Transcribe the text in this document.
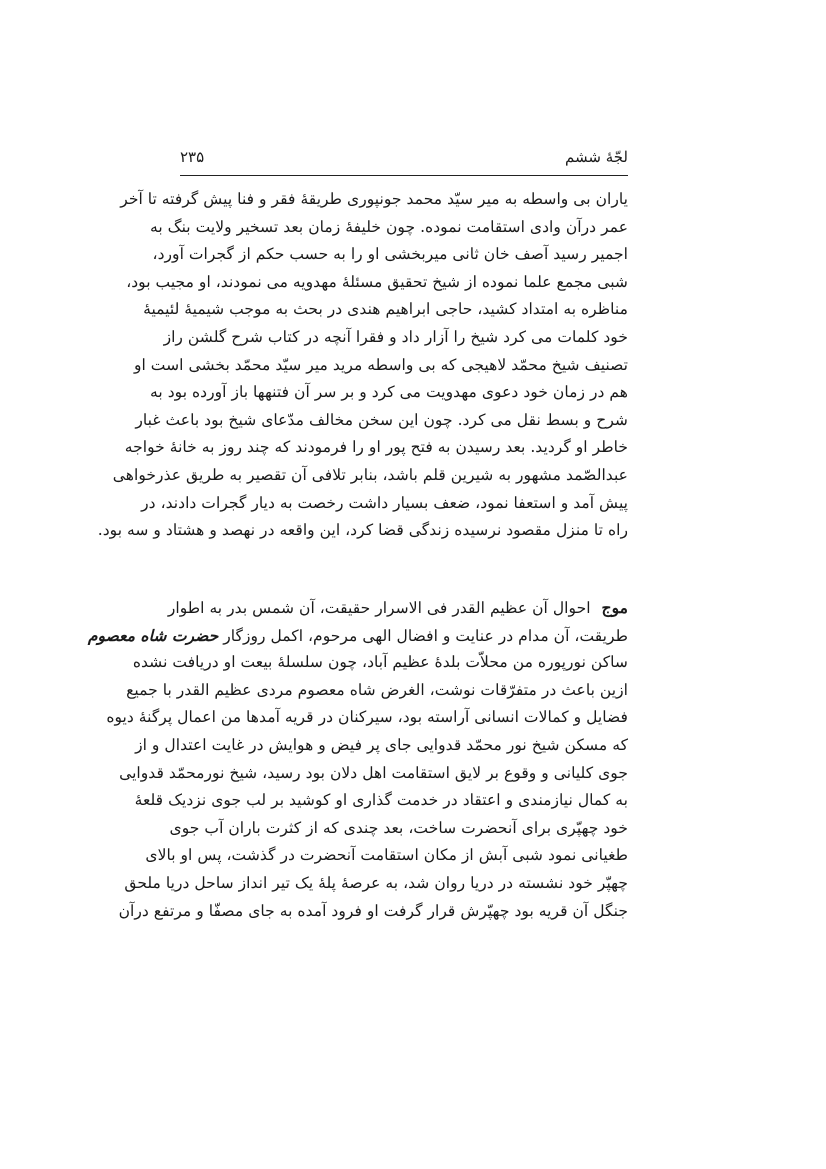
لجّهٔ ششم
۲۳۵
یاران بی واسطه به میر سیّد محمد جونپوری طریقهٔ فقر و فنا پیش گرفته تا آخر
عمر درآن وادی استقامت نموده. چون خلیفهٔ زمان بعد تسخیر ولایت بنگ به
اجمیر رسید آصف خان ثانی میربخشی او را به حسب حکم از گجرات آورد،
شبی مجمع علما نموده از شیخ تحقیق مسئلهٔ مهدویه می نمودند، او مجیب بود،
مناظره به امتداد کشید، حاجی ابراهیم هندی در بحث به موجب شیمیهٔ لئیمیهٔ
خود کلمات می کرد شیخ را آزار داد و فقرا آنچه در کتاب شرح گلشن راز
تصنیف شیخ محمّد لاهیجی که بی واسطه مرید میر سیّد محمّد بخشی است او
هم در زمان خود دعوی مهدویت می کرد و بر سر آن فتنهها باز آورده بود به
شرح و بسط نقل می کرد. چون این سخن مخالف مدّعای شیخ بود باعث غبار
خاطر او گردید. بعد رسیدن به فتح پور او را فرمودند که چند روز به خانهٔ خواجه
عبدالصّمد مشهور به شیرین قلم باشد، بنابر تلافی آن تقصیر به طریق عذرخواهی
پیش آمد و استعفا نمود، ضعف بسیار داشت رخصت به دیار گجرات دادند، در
راه تا منزل مقصود نرسیده زندگی قضا کرد، این واقعه در نهصد و هشتاد و سه بود.
موج احوال آن عظیم القدر فی الاسرار حقیقت، آن شمس بدر به اطوار
طریقت، آن مدام در عنایت و افضال الهی مرحوم، اکمل روزگار حضرت شاه معصوم
ساکن نورپوره من محلاّت بلدهٔ عظیم آباد، چون سلسلهٔ بیعت او دریافت نشده
ازین باعث در متفرّقات نوشت، الغرض شاه معصوم مردی عظیم القدر با جمیع
فضایل و کمالات انسانی آراسته بود، سیرکنان در قریه آمدها من اعمال پرگنهٔ دیوه
که مسکن شیخ نور محمّد قدوایی جای پر فیض و هوایش در غایت اعتدال و از
جوی کلیانی و وقوع بر لایق استقامت اهل دلان بود رسید، شیخ نورمحمّد قدوایی
به کمال نیازمندی و اعتقاد در خدمت گذاری او کوشید بر لب جوی نزدیک قلعهٔ
خود چهپّری برای آنحضرت ساخت، بعد چندی که از کثرت باران آب جوی
طغیانی نمود شبی آبش از مکان استقامت آنحضرت در گذشت، پس او بالای
چهپّر خود نشسته در دریا روان شد، به عرصهٔ پلهٔ یک تیر انداز ساحل دریا ملحق
جنگل آن قریه بود چهپّرش قرار گرفت او فرود آمده به جای مصفّا و مرتفع درآن
